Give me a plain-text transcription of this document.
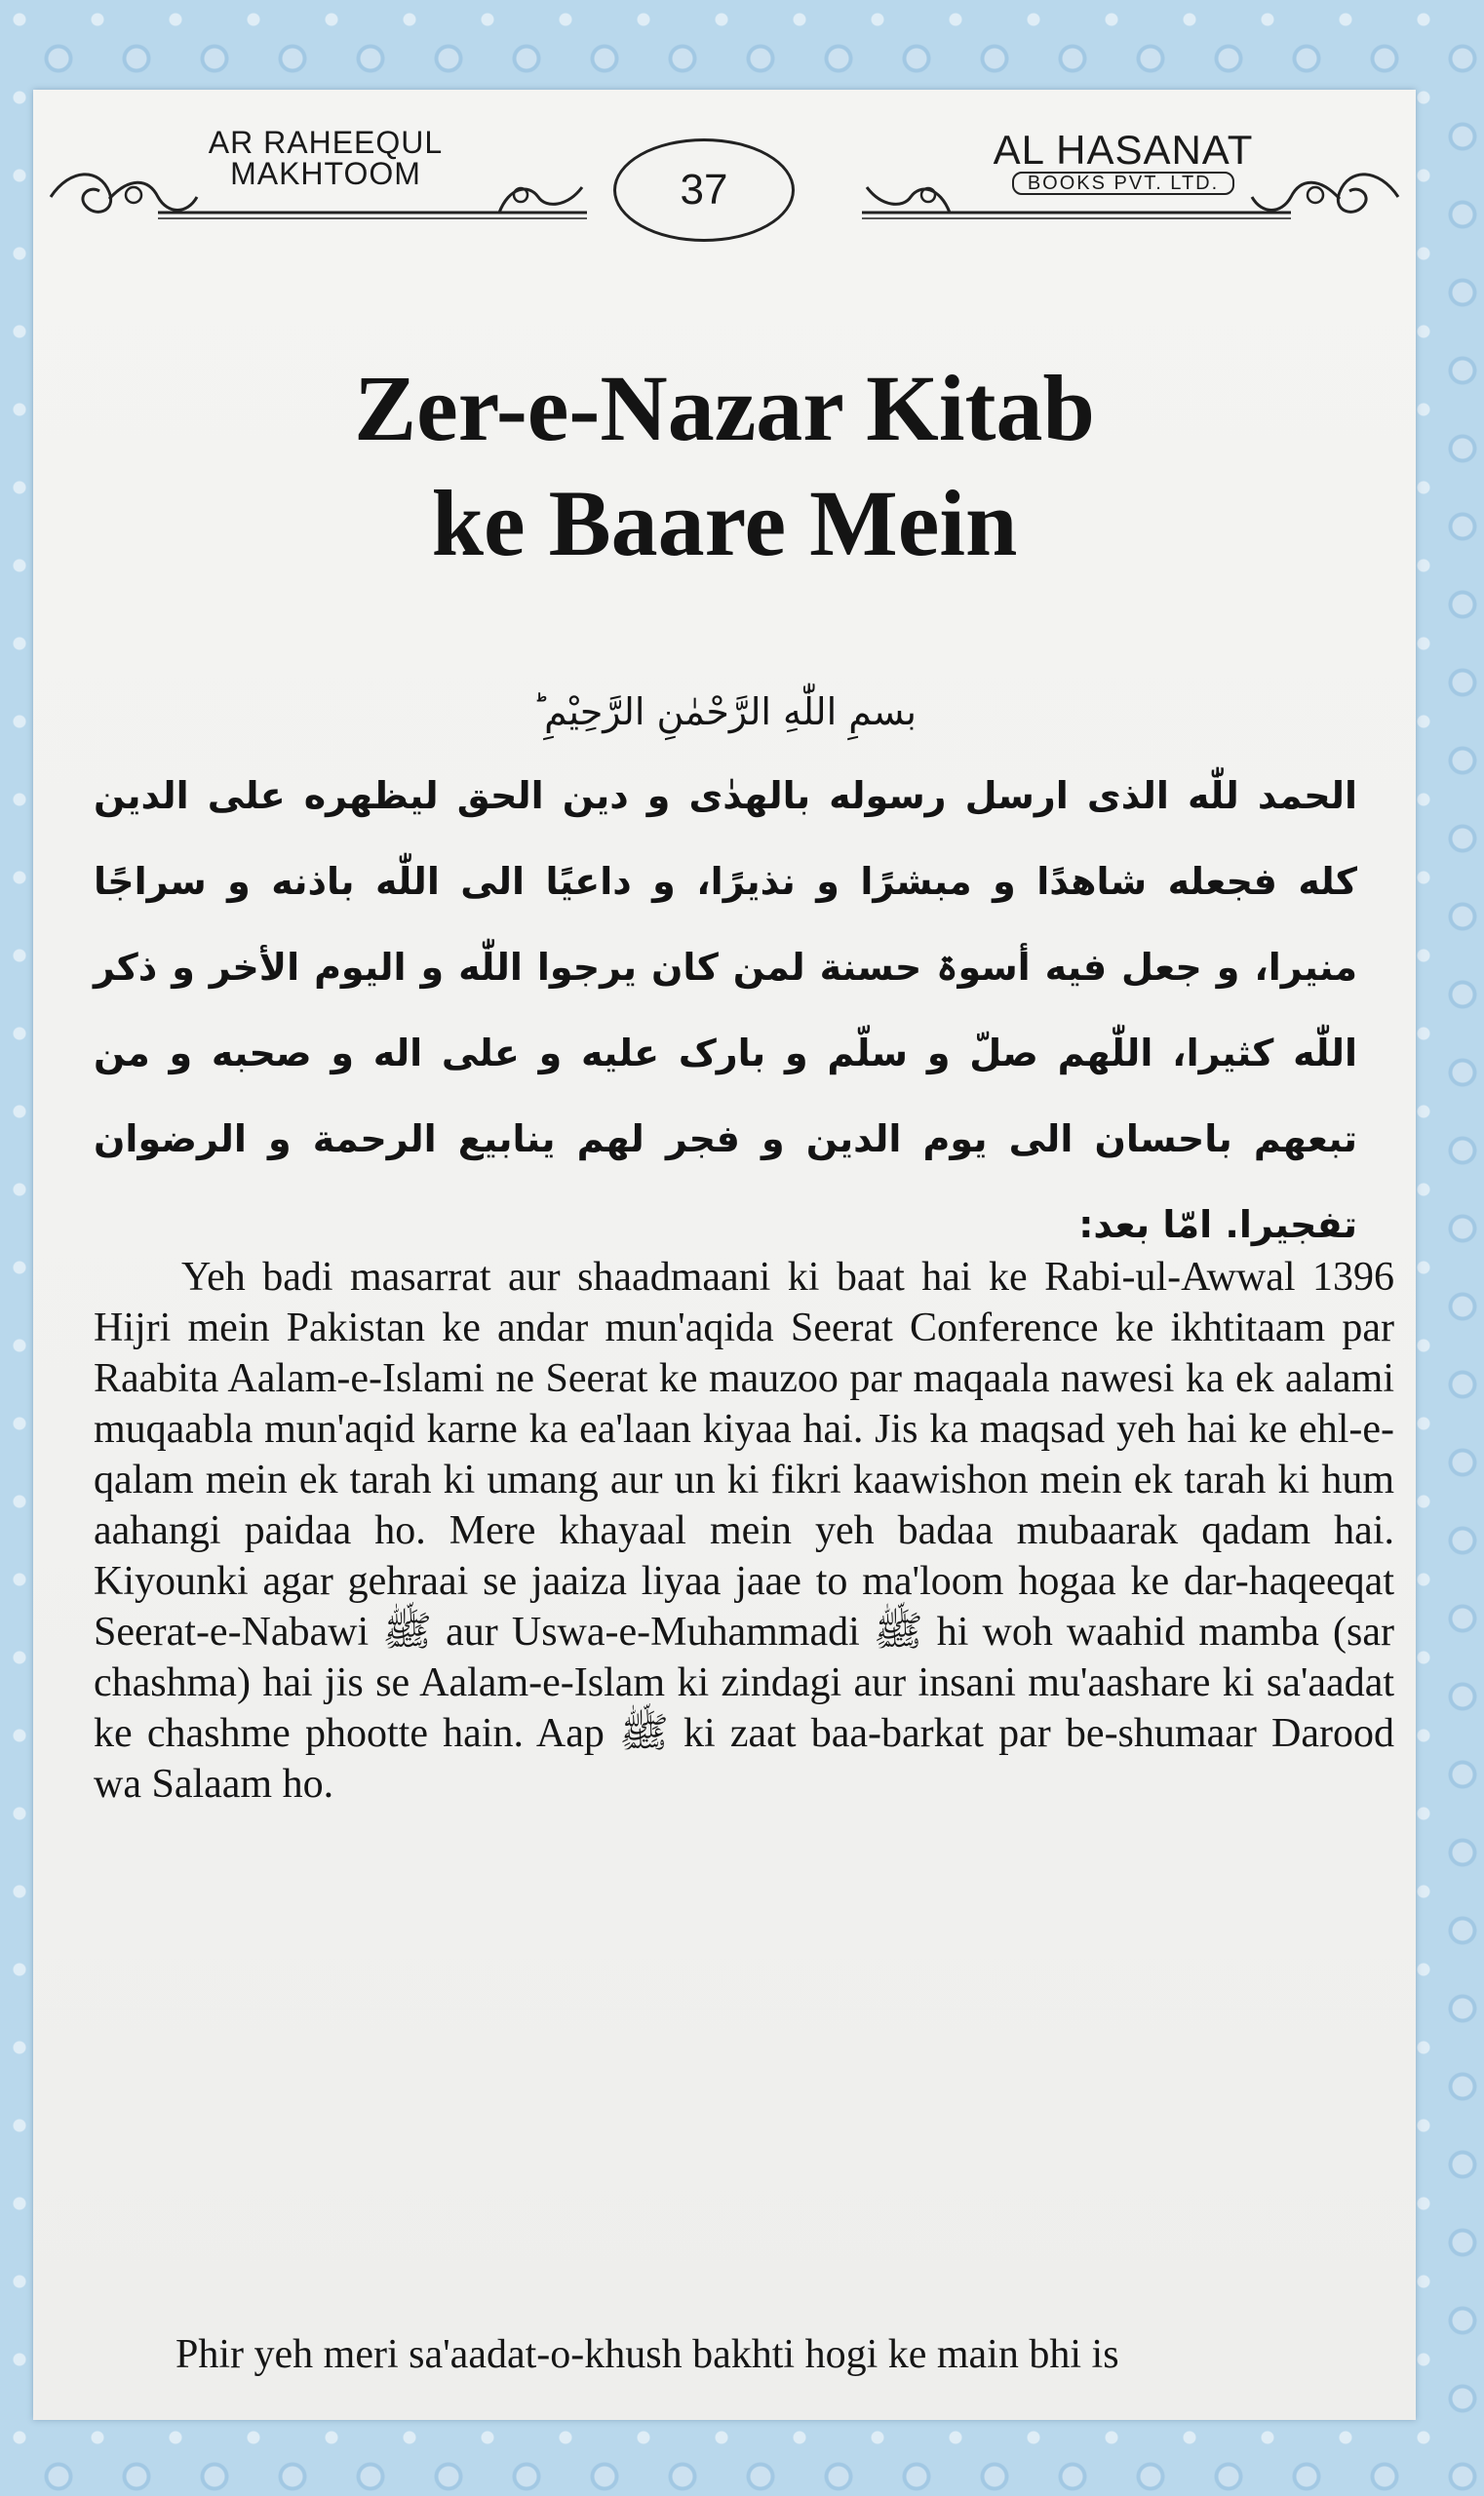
AR RAHEEQUL
MAKHTOOM	37
AL HASANAT
BOOKS PVT. LTD.
Zer-e-Nazar Kitab
ke Baare Mein
بسمِ اللّٰهِ الرَّحْمٰنِ الرَّحِیْمِ ؕ
الحمد للّٰه الذی ارسل رسوله بالهدٰی و دین الحق لیظهره علی الدین کله فجعله شاهدًا و مبشرًا و نذیرًا، و داعیًا الی اللّٰه باذنه و سراجًا منیرا، و جعل فیه أسوۃ حسنة لمن کان یرجوا اللّٰه و الیوم الأخر و ذکر اللّٰه کثیرا، اللّٰهم صلّ و سلّم و بارک علیه و علی اله و صحبه و من تبعهم باحسان الی یوم الدین و فجر لهم ینابیع الرحمة و الرضوان تفجیرا. امّا بعد:

Yeh badi masarrat aur shaadmaani ki baat hai ke Rabi-ul-Awwal 1396 Hijri mein Pakistan ke andar mun'aqida Seerat Conference ke ikhtitaam par Raabita Aalam-e-Islami ne Seerat ke mauzoo par maqaala nawesi ka ek aalami muqaabla mun'aqid karne ka ea'laan kiyaa hai. Jis ka maqsad yeh hai ke ehl-e-qalam mein ek tarah ki umang aur un ki fikri kaawishon mein ek tarah ki hum aahangi paidaa ho. Mere khayaal mein yeh badaa mubaarak qadam hai. Kiyounki agar gehraai se jaaiza liyaa jaae to ma'loom hogaa ke dar-haqeeqat Seerat-e-Nabawi ﷺ aur Uswa-e-Muhammadi ﷺ hi woh waahid mamba (sar chashma) hai jis se Aalam-e-Islam ki zindagi aur insani mu'aashare ki sa'aadat ke chashme phootte hain. Aap ﷺ ki zaat baa-barkat par be-shumaar Darood wa Salaam ho.

Phir yeh meri sa'aadat-o-khush bakhti hogi ke main bhi is
